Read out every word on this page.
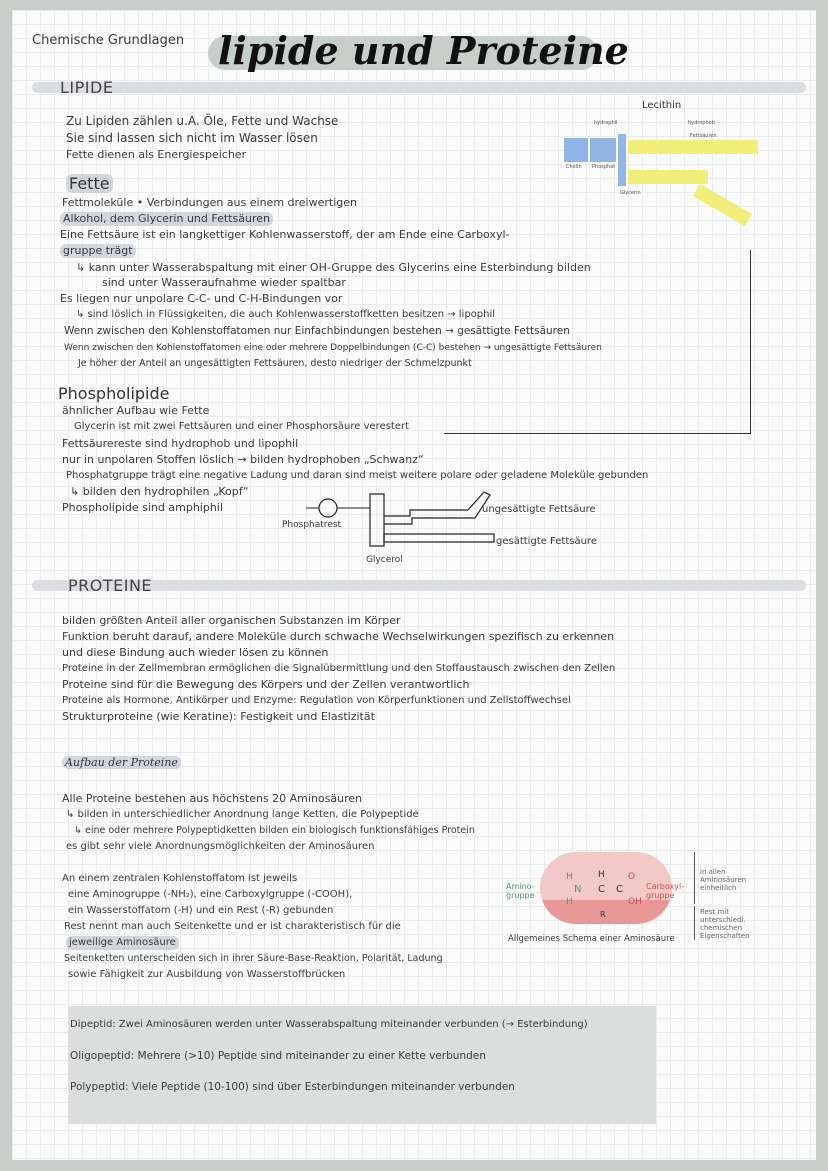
Chemische Grundlagen lipide und Proteine
LIPIDE
Zu Lipiden zählen u.A. Öle, Fette und Wachse
Sie sind lassen sich nicht im Wasser lösen
Fette dienen als Energiespeicher
Fette
Fettmoleküle • Verbindungen aus einem dreiwertigen
Alkohol, dem Glycerin und Fettsäuren
Eine Fettsäure ist ein langkettiger Kohlenwasserstoff, der am Ende eine Carboxyl-
gruppe trägt
↳ kann unter Wasserabspaltung mit einer OH-Gruppe des Glycerins eine Esterbindung bilden
sind unter Wasseraufnahme wieder spaltbar
Es liegen nur unpolare C-C- und C-H-Bindungen vor
↳ sind löslich in Flüssigkeiten, die auch Kohlenwasserstoffketten besitzen → lipophil
Wenn zwischen den Kohlenstoffatomen nur Einfachbindungen bestehen → gesättigte Fettsäuren
Wenn zwischen den Kohlenstoffatomen eine oder mehrere Doppelbindungen (C-C) bestehen → ungesättigte Fettsäuren
Je höher der Anteil an ungesättigten Fettsäuren, desto niedriger der Schmelzpunkt
Lecithin
hydrophil	hydrophob
Fettsäuren
Cholin Phosphat
Glycerin
Phospholipide
ähnlicher Aufbau wie Fette
Glycerin ist mit zwei Fettsäuren und einer Phosphorsäure verestert
Fettsäurereste sind hydrophob und lipophil
nur in unpolaren Stoffen löslich → bilden hydrophoben „Schwanz“
Phosphatgruppe trägt eine negative Ladung und daran sind meist weitere polare oder geladene Moleküle gebunden
↳ bilden den hydrophilen „Kopf“
Phospholipide sind amphiphil
Phosphatrest
Glycerol
ungesättigte Fettsäure
gesättigte Fettsäure
PROTEINE
bilden größten Anteil aller organischen Substanzen im Körper
Funktion beruht darauf, andere Moleküle durch schwache Wechselwirkungen spezifisch zu erkennen
und diese Bindung auch wieder lösen zu können
Proteine in der Zellmembran ermöglichen die Signalübermittlung und den Stoffaustausch zwischen den Zellen
Proteine sind für die Bewegung des Körpers und der Zellen verantwortlich
Proteine als Hormone, Antikörper und Enzyme: Regulation von Körperfunktionen und Zellstoffwechsel
Strukturproteine (wie Keratine): Festigkeit und Elastizität
Aufbau der Proteine
Alle Proteine bestehen aus höchstens 20 Aminosäuren
↳ bilden in unterschiedlicher Anordnung lange Ketten, die Polypeptide
↳ eine oder mehrere Polypeptidketten bilden ein biologisch funktionsfähiges Protein
es gibt sehr viele Anordnungsmöglichkeiten der Aminosäuren
An einem zentralen Kohlenstoffatom ist jeweils
eine Aminogruppe (-NH₂), eine Carboxylgruppe (-COOH),
ein Wasserstoffatom (-H) und ein Rest (-R) gebunden
Rest nennt man auch Seitenkette und er ist charakteristisch für die
jeweilige Aminosäure
Seitenketten unterscheiden sich in ihrer Säure-Base-Reaktion, Polarität, Ladung
sowie Fähigkeit zur Ausbildung von Wasserstoffbrücken
H
N
H
H
C C
O
OH
R
Amino-
gruppe
Carboxyl-
gruppe
Allgemeines Schema einer Aminosäure
in allen Aminosäuren einheitlich
Rest mit unterschiedl. chemischen Eigenschaften
Dipeptid: Zwei Aminosäuren werden unter Wasserabspaltung miteinander verbunden (→ Esterbindung)
Oligopeptid: Mehrere (>10) Peptide sind miteinander zu einer Kette verbunden
Polypeptid: Viele Peptide (10-100) sind über Esterbindungen miteinander verbunden
